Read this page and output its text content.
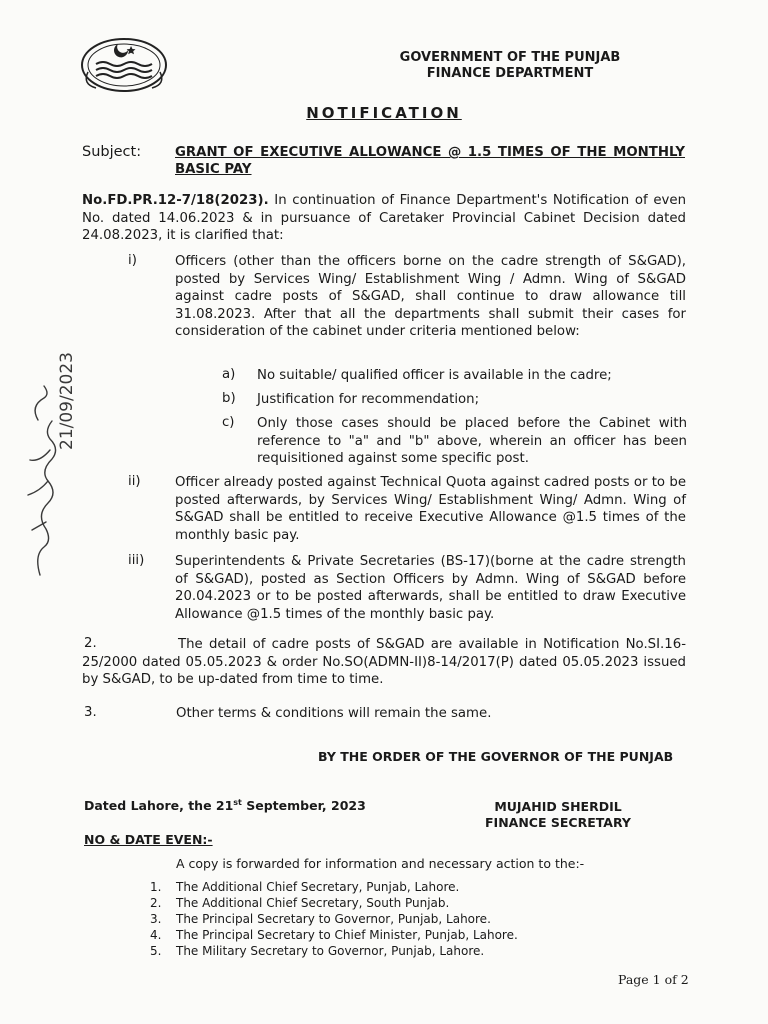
GOVERNMENT OF THE PUNJAB
FINANCE DEPARTMENT
NOTIFICATION
Subject:	GRANT OF EXECUTIVE ALLOWANCE @ 1.5 TIMES OF THE MONTHLY BASIC PAY
No.FD.PR.12-7/18(2023). In continuation of Finance Department's Notification of even No. dated 14.06.2023 & in pursuance of Caretaker Provincial Cabinet Decision dated 24.08.2023, it is clarified that:
i)	Officers (other than the officers borne on the cadre strength of S&GAD), posted by Services Wing/ Establishment Wing / Admn. Wing of S&GAD against cadre posts of S&GAD, shall continue to draw allowance till 31.08.2023. After that all the departments shall submit their cases for consideration of the cabinet under criteria mentioned below:
a) No suitable/ qualified officer is available in the cadre;
b) Justification for recommendation;
c) Only those cases should be placed before the Cabinet with reference to "a" and "b" above, wherein an officer has been requisitioned against some specific post.
ii)	Officer already posted against Technical Quota against cadred posts or to be posted afterwards, by Services Wing/ Establishment Wing/ Admn. Wing of S&GAD shall be entitled to receive Executive Allowance @1.5 times of the monthly basic pay.
iii) Superintendents & Private Secretaries (BS-17)(borne at the cadre strength of S&GAD), posted as Section Officers by Admn. Wing of S&GAD before 20.04.2023 or to be posted afterwards, shall be entitled to draw Executive Allowance @1.5 times of the monthly basic pay.
2.	The detail of cadre posts of S&GAD are available in Notification No.SI.16-25/2000 dated 05.05.2023 & order No.SO(ADMN-II)8-14/2017(P) dated 05.05.2023 issued by S&GAD, to be up-dated from time to time.
3.	Other terms & conditions will remain the same.
BY THE ORDER OF THE GOVERNOR OF THE PUNJAB
Dated Lahore, the 21st September, 2023	MUJAHID SHERDIL
FINANCE SECRETARY
NO & DATE EVEN:-
A copy is forwarded for information and necessary action to the:-
1.	The Additional Chief Secretary, Punjab, Lahore.
2.	The Additional Chief Secretary, South Punjab.
3.	The Principal Secretary to Governor, Punjab, Lahore.
4.	The Principal Secretary to Chief Minister, Punjab, Lahore.
5.	The Military Secretary to Governor, Punjab, Lahore.
Page 1 of 2
21/09/2023
